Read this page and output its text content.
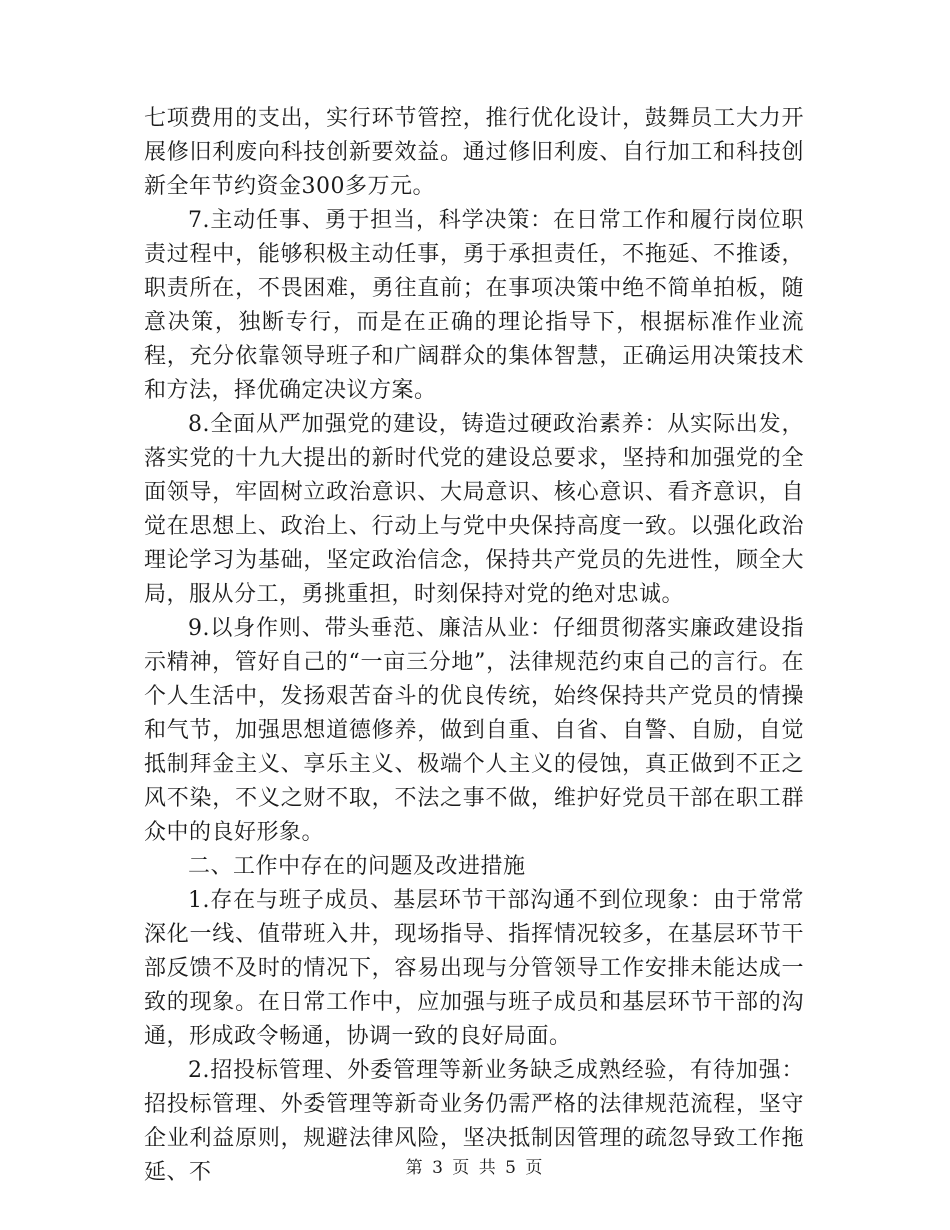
七项费用的支出，实行环节管控，推行优化设计，鼓舞员工大力开展修旧利废向科技创新要效益。通过修旧利废、自行加工和科技创新全年节约资金300多万元。

7.主动任事、勇于担当，科学决策：在日常工作和履行岗位职责过程中，能够积极主动任事，勇于承担责任，不拖延、不推诿，职责所在，不畏困难，勇往直前；在事项决策中绝不简单拍板，随意决策，独断专行，而是在正确的理论指导下，根据标准作业流程，充分依靠领导班子和广阔群众的集体智慧，正确运用决策技术和方法，择优确定决议方案。

8.全面从严加强党的建设，铸造过硬政治素养：从实际出发，落实党的十九大提出的新时代党的建设总要求，坚持和加强党的全面领导，牢固树立政治意识、大局意识、核心意识、看齐意识，自觉在思想上、政治上、行动上与党中央保持高度一致。以强化政治理论学习为基础，坚定政治信念，保持共产党员的先进性，顾全大局，服从分工，勇挑重担，时刻保持对党的绝对忠诚。

9.以身作则、带头垂范、廉洁从业：仔细贯彻落实廉政建设指示精神，管好自己的“一亩三分地”，法律规范约束自己的言行。在个人生活中，发扬艰苦奋斗的优良传统，始终保持共产党员的情操和气节，加强思想道德修养，做到自重、自省、自警、自励，自觉抵制拜金主义、享乐主义、极端个人主义的侵蚀，真正做到不正之风不染，不义之财不取，不法之事不做，维护好党员干部在职工群众中的良好形象。

二、工作中存在的问题及改进措施

1.存在与班子成员、基层环节干部沟通不到位现象：由于常常深化一线、值带班入井，现场指导、指挥情况较多，在基层环节干部反馈不及时的情况下，容易出现与分管领导工作安排未能达成一致的现象。在日常工作中，应加强与班子成员和基层环节干部的沟通，形成政令畅通，协调一致的良好局面。

2.招投标管理、外委管理等新业务缺乏成熟经验，有待加强：招投标管理、外委管理等新奇业务仍需严格的法律规范流程，坚守企业利益原则，规避法律风险，坚决抵制因管理的疏忽导致工作拖延、不	第 3 页 共 5 页
